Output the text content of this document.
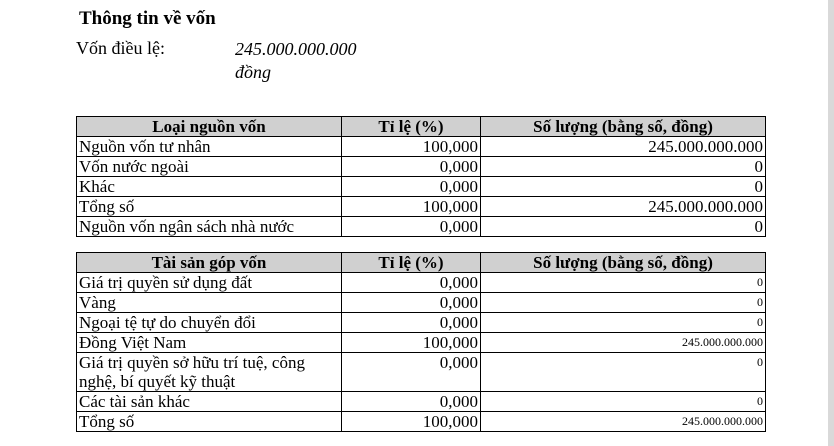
Thông tin về vốn
Vốn điều lệ:	245.000.000.000 đồng
Loại nguồn vốn	Tỉ lệ (%)	Số lượng (bằng số, đồng)
Nguồn vốn tư nhân	100,000	245.000.000.000
Vốn nước ngoài	0,000	0
Khác	0,000	0
Tổng số	100,000	245.000.000.000
Nguồn vốn ngân sách nhà nước	0,000	0
Tài sản góp vốn	Tỉ lệ (%)	Số lượng (bằng số, đồng)
Giá trị quyền sử dụng đất	0,000	0
Vàng	0,000	0
Ngoại tệ tự do chuyển đổi	0,000	0
Đồng Việt Nam	100,000	245.000.000.000
Giá trị quyền sở hữu trí tuệ, công nghệ, bí quyết kỹ thuật	0,000	0
Các tài sản khác	0,000	0
Tổng số	100,000	245.000.000.000
